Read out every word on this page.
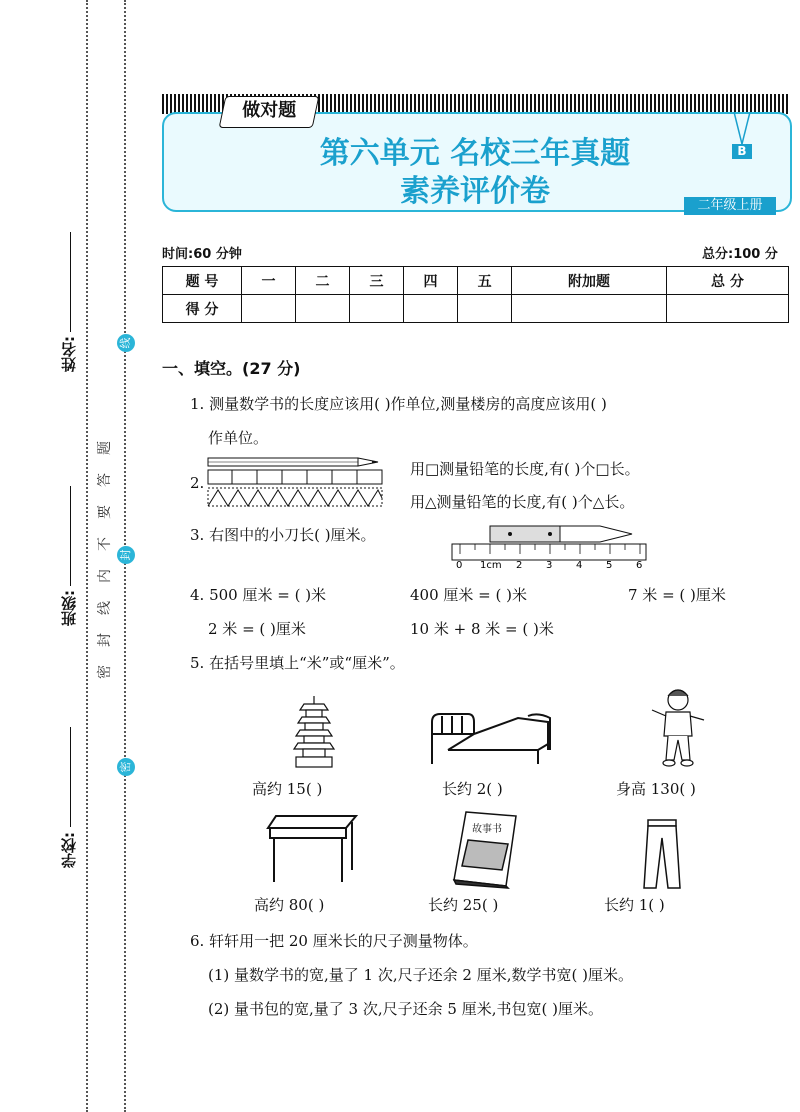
姓名:
班级:
学校:
线
封
密
密
封
线
内
不
要
答
题
做对题
第六单元 名校三年真题
素养评价卷
B
二年级上册
时间:60 分钟	总分:100 分
题 号	一	二	三	四	五	附加题	总 分
得 分							
一、填空。(27 分)
1. 测量数学书的长度应该用( )作单位,测量楼房的高度应该用( )
作单位。
2.
用□测量铅笔的长度,有( )个□长。
用△测量铅笔的长度,有( )个△长。
3. 右图中的小刀长( )厘米。
0 1cm 2 3 4 5 6
4. 500 厘米 = ( )米	400 厘米 = ( )米	7 米 = ( )厘米
2 米 = ( )厘米	10 米 + 8 米 = ( )米
5. 在括号里填上“米”或“厘米”。
高约 15( )	长约 2( )	身高 130( )
高约 80( )
故事书
长约 25( )	长约 1( )
6. 轩轩用一把 20 厘米长的尺子测量物体。
(1) 量数学书的宽,量了 1 次,尺子还余 2 厘米,数学书宽( )厘米。
(2) 量书包的宽,量了 3 次,尺子还余 5 厘米,书包宽( )厘米。
